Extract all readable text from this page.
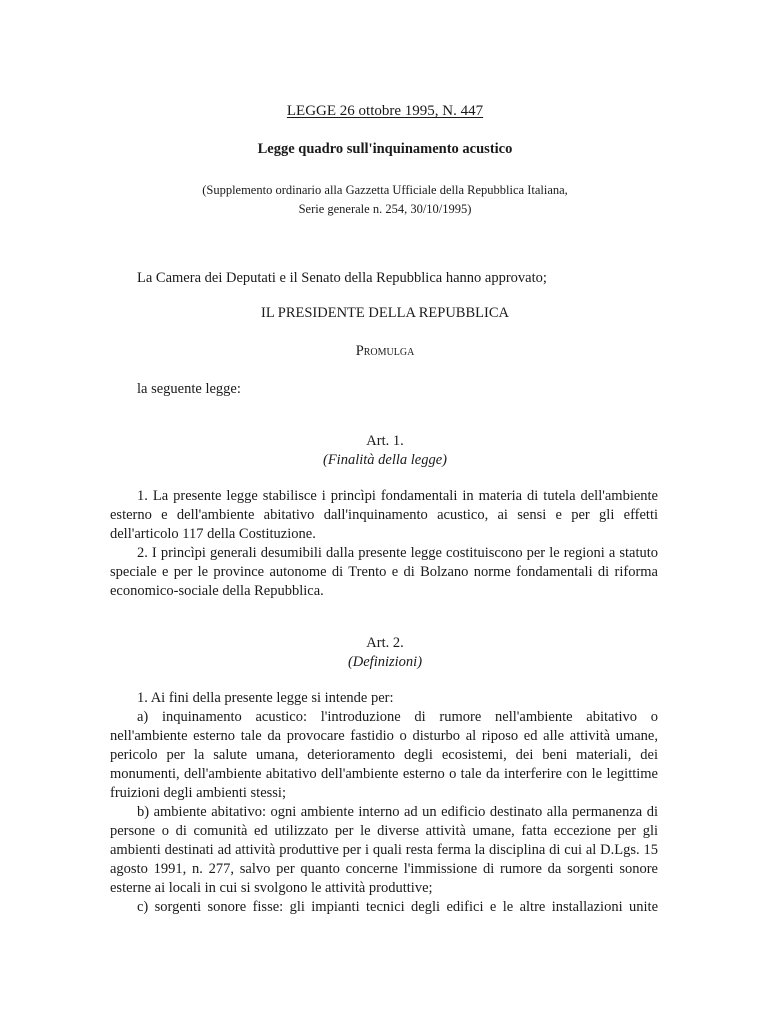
LEGGE 26 ottobre 1995, N. 447
Legge quadro sull'inquinamento acustico
(Supplemento ordinario alla Gazzetta Ufficiale della Repubblica Italiana,
Serie generale n. 254, 30/10/1995)
La Camera dei Deputati e il Senato della Repubblica hanno approvato;
IL PRESIDENTE DELLA REPUBBLICA
Promulga
la seguente legge:
Art. 1.
(Finalità della legge)

1. La presente legge stabilisce i princìpi fondamentali in materia di tutela dell'ambiente esterno e dell'ambiente abitativo dall'inquinamento acustico, ai sensi e per gli effetti dell'articolo 117 della Costituzione.

2. I princìpi generali desumibili dalla presente legge costituiscono per le regioni a statuto speciale e per le province autonome di Trento e di Bolzano norme fondamentali di riforma economico-sociale della Repubblica.

Art. 2.
(Definizioni)

1. Ai fini della presente legge si intende per:

a) inquinamento acustico: l'introduzione di rumore nell'ambiente abitativo o nell'ambiente esterno tale da provocare fastidio o disturbo al riposo ed alle attività umane, pericolo per la salute umana, deterioramento degli ecosistemi, dei beni materiali, dei monumenti, dell'ambiente abitativo dell'ambiente esterno o tale da interferire con le legittime fruizioni degli ambienti stessi;

b) ambiente abitativo: ogni ambiente interno ad un edificio destinato alla permanenza di persone o di comunità ed utilizzato per le diverse attività umane, fatta eccezione per gli ambienti destinati ad attività produttive per i quali resta ferma la disciplina di cui al D.Lgs. 15 agosto 1991, n. 277, salvo per quanto concerne l'immissione di rumore da sorgenti sonore esterne ai locali in cui si svolgono le attività produttive;

c) sorgenti sonore fisse: gli impianti tecnici degli edifici e le altre installazioni unite
